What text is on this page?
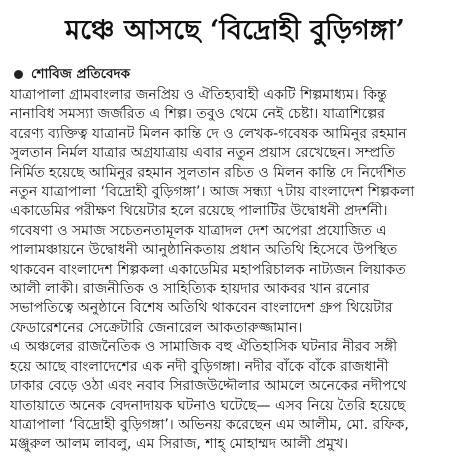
মঞ্চে আসছে ‘বিদ্রোহী বুড়িগঙ্গা’
শোবিজ প্রতিবেদক
যাত্রাপালা গ্রামবাংলার জনপ্রিয় ও ঐতিহ্যবাহী একটি শিল্পমাধ্যম। কিন্তু
নানাবিধ সমস্যা জর্জরিত এ শিল্প। তবুও থেমে নেই চেষ্টা। যাত্রাশিল্পের
বরেণ্য ব্যক্তিত্ব যাত্রানট মিলন কান্তি দে ও লেখক-গবেষক আমিনুর রহমান
সুলতান নির্মল যাত্রার অগ্রযাত্রায় এবার নতুন প্রয়াস রেখেছেন। সম্প্রতি
নির্মিত হয়েছে আমিনুর রহমান সুলতান রচিত ও মিলন কান্তি দে নির্দেশিত
নতুন যাত্রাপালা ‘বিদ্রোহী বুড়িগঙ্গা’। আজ সন্ধ্যা ৭টায় বাংলাদেশ শিল্পকলা
একাডেমির পরীক্ষণ থিয়েটার হলে রয়েছে পালাটির উদ্বোধনী প্রদর্শনী।
গবেষণা ও সমাজ সচেতনতামূলক যাত্রাদল দেশ অপেরা প্রযোজিত এ
পালামঞ্চায়নে উদ্বোধনী আনুষ্ঠানিকতায় প্রধান অতিথি হিসেবে উপস্থিত
থাকবেন বাংলাদেশ শিল্পকলা একাডেমির মহাপরিচালক নাট্যজন লিয়াকত
আলী লাকী। রাজনীতিক ও সাহিত্যিক হায়দার আকবর খান রনোর
সভাপতিত্বে অনুষ্ঠানে বিশেষ অতিথি থাকবেন বাংলাদেশ গ্রুপ থিয়েটার
ফেডারেশনের সেক্রেটারি জেনারেল আকতারুজ্জামান।
এ অঞ্চলের রাজনৈতিক ও সামাজিক বহু ঐতিহাসিক ঘটনার নীরব সঙ্গী
হয়ে আছে বাংলাদেশের এক নদী বুড়িগঙ্গা। নদীর বাঁকে বাঁকে রাজধানী
ঢাকার বেড়ে ওঠা এবং নবাব সিরাজউদ্দৌলার আমলে অনেকের নদীপথে
যাতায়াতে অনেক বেদনাদায়ক ঘটনাও ঘটেছে— এসব নিয়ে তৈরি হয়েছে
যাত্রাপালা ‘বিদ্রোহী বুড়িগঙ্গা’। অভিনয় করেছেন এম আলীম, মো. রফিক,
মঞ্জুরুল আলম লাবলু, এম সিরাজ, শাহ্‌ মোহাম্মদ আলী প্রমুখ।
